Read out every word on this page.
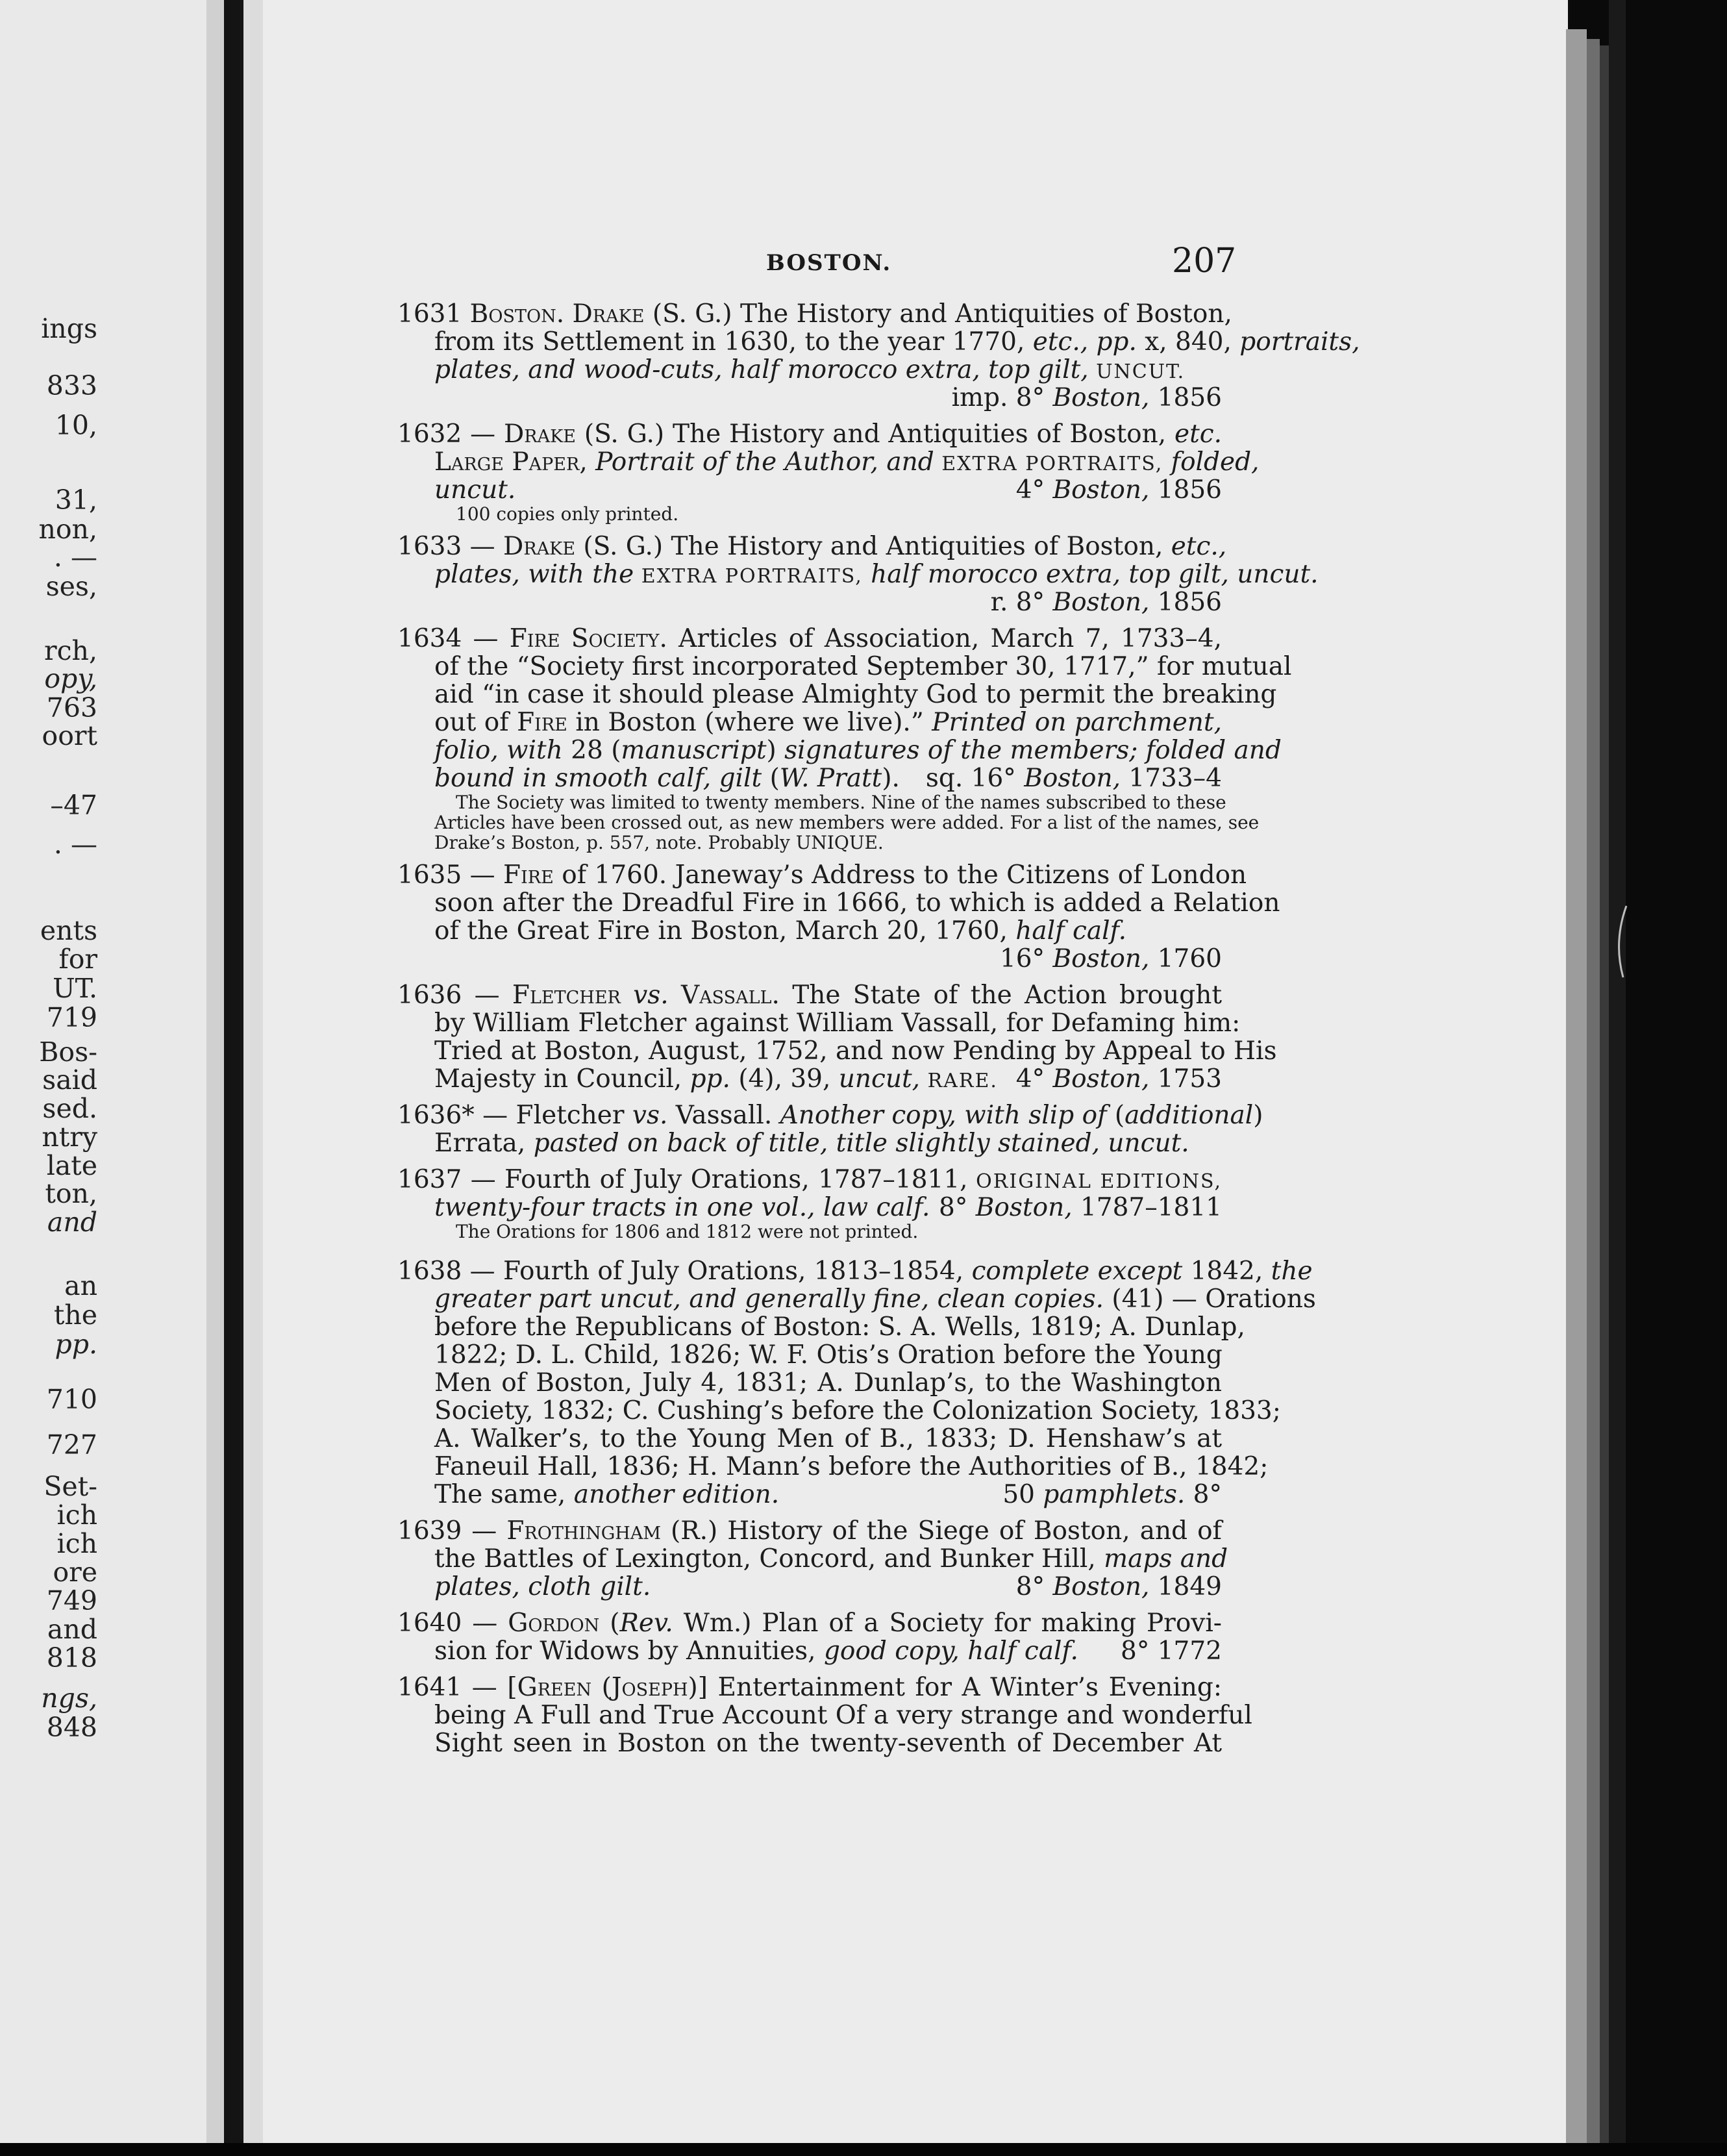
ings
833
10,
31,
non,
. —
ses,
rch,
opy,
763
oort
–47
. —
ents
for
UT.
719
Bos-
said
sed.
ntry
late
ton,
and
an
the
pp.
710
727
Set-
ich
ich
ore
749
and
818
ngs,
848
BOSTON.	207
1631 Boston. Drake (S. G.) The History and Antiquities of Boston,
from its Settlement in 1630, to the year 1770, etc., pp. x, 840, portraits,
plates, and wood-cuts, half morocco extra, top gilt, UNCUT.
imp. 8° Boston, 1856
1632 — Drake (S. G.) The History and Antiquities of Boston, etc.
Large Paper, Portrait of the Author, and EXTRA PORTRAITS, folded,
uncut.	4° Boston, 1856
100 copies only printed.
1633 — Drake (S. G.) The History and Antiquities of Boston, etc.,
plates, with the EXTRA PORTRAITS, half morocco extra, top gilt, uncut.
r. 8° Boston, 1856
1634 — Fire Society. Articles of Association, March 7, 1733–4,
of the “Society first incorporated September 30, 1717,” for mutual
aid “in case it should please Almighty God to permit the breaking
out of Fire in Boston (where we live).” Printed on parchment,
folio, with 28 (manuscript) signatures of the members; folded and
bound in smooth calf, gilt (W. Pratt). sq. 16° Boston, 1733–4
The Society was limited to twenty members. Nine of the names subscribed to these
Articles have been crossed out, as new members were added. For a list of the names, see
Drake’s Boston, p. 557, note. Probably UNIQUE.
1635 — Fire of 1760. Janeway’s Address to the Citizens of London
soon after the Dreadful Fire in 1666, to which is added a Relation
of the Great Fire in Boston, March 20, 1760, half calf.
16° Boston, 1760
1636 — Fletcher vs. Vassall. The State of the Action brought
by William Fletcher against William Vassall, for Defaming him:
Tried at Boston, August, 1752, and now Pending by Appeal to His
Majesty in Council, pp. (4), 39, uncut, RARE. 4° Boston, 1753
1636* — Fletcher vs. Vassall. Another copy, with slip of (additional)
Errata, pasted on back of title, title slightly stained, uncut.
1637 — Fourth of July Orations, 1787–1811, ORIGINAL EDITIONS,
twenty-four tracts in one vol., law calf. 8° Boston, 1787–1811
The Orations for 1806 and 1812 were not printed.
1638 — Fourth of July Orations, 1813–1854, complete except 1842, the
greater part uncut, and generally fine, clean copies. (41) — Orations
before the Republicans of Boston: S. A. Wells, 1819; A. Dunlap,
1822; D. L. Child, 1826; W. F. Otis’s Oration before the Young
Men of Boston, July 4, 1831; A. Dunlap’s, to the Washington
Society, 1832; C. Cushing’s before the Colonization Society, 1833;
A. Walker’s, to the Young Men of B., 1833; D. Henshaw’s at
Faneuil Hall, 1836; H. Mann’s before the Authorities of B., 1842;
The same, another edition.	50 pamphlets. 8°
1639 — Frothingham (R.) History of the Siege of Boston, and of
the Battles of Lexington, Concord, and Bunker Hill, maps and
plates, cloth gilt.	8° Boston, 1849
1640 — Gordon (Rev. Wm.) Plan of a Society for making Provi-
sion for Widows by Annuities, good copy, half calf. 8° 1772
1641 — [Green (Joseph)] Entertainment for A Winter’s Evening:
being A Full and True Account Of a very strange and wonderful
Sight seen in Boston on the twenty-seventh of December At
